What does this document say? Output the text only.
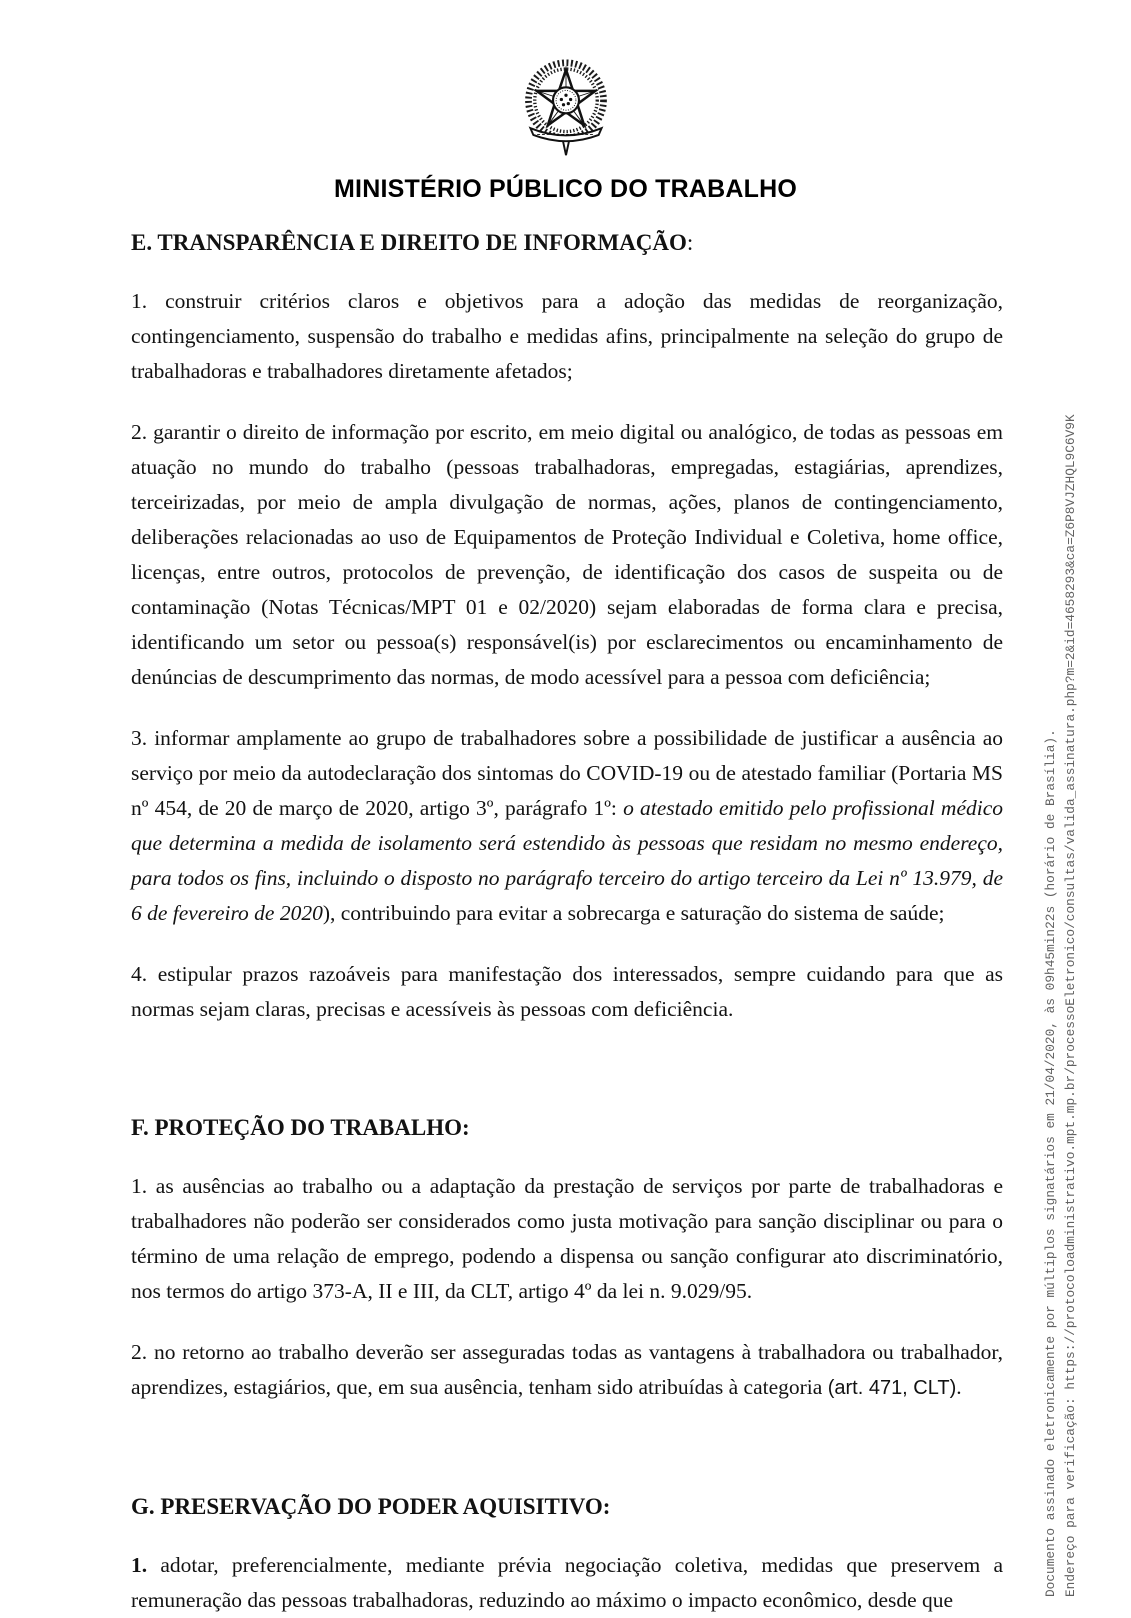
Documento assinado eletronicamente por múltiplos signatários em 21/04/2020, às 09h45min22s (horário de Brasília). Endereço para verificação: https://protocoloadministrativo.mpt.mp.br/processoEletronico/consultas/valida_assinatura.php?m=2&id=4658293&ca=Z6P8VJZHQL9C6V9K
MINISTÉRIO PÚBLICO DO TRABALHO
E. TRANSPARÊNCIA E DIREITO DE INFORMAÇÃO:

1. construir critérios claros e objetivos para a adoção das medidas de reorganização, contingenciamento, suspensão do trabalho e medidas afins, principalmente na seleção do grupo de trabalhadoras e trabalhadores diretamente afetados;

2. garantir o direito de informação por escrito, em meio digital ou analógico, de todas as pessoas em atuação no mundo do trabalho (pessoas trabalhadoras, empregadas, estagiárias, aprendizes, terceirizadas, por meio de ampla divulgação de normas, ações, planos de contingenciamento, deliberações relacionadas ao uso de Equipamentos de Proteção Individual e Coletiva, home office, licenças, entre outros, protocolos de prevenção, de identificação dos casos de suspeita ou de contaminação (Notas Técnicas/MPT 01 e 02/2020) sejam elaboradas de forma clara e precisa, identificando um setor ou pessoa(s) responsável(is) por esclarecimentos ou encaminhamento de denúncias de descumprimento das normas, de modo acessível para a pessoa com deficiência;

3. informar amplamente ao grupo de trabalhadores sobre a possibilidade de justificar a ausência ao serviço por meio da autodeclaração dos sintomas do COVID-19 ou de atestado familiar (Portaria MS nº 454, de 20 de março de 2020, artigo 3º, parágrafo 1º: o atestado emitido pelo profissional médico que determina a medida de isolamento será estendido às pessoas que residam no mesmo endereço, para todos os fins, incluindo o disposto no parágrafo terceiro do artigo terceiro da Lei nº 13.979, de 6 de fevereiro de 2020), contribuindo para evitar a sobrecarga e saturação do sistema de saúde;

4. estipular prazos razoáveis para manifestação dos interessados, sempre cuidando para que as normas sejam claras, precisas e acessíveis às pessoas com deficiência.

F. PROTEÇÃO DO TRABALHO:

1. as ausências ao trabalho ou a adaptação da prestação de serviços por parte de trabalhadoras e trabalhadores não poderão ser considerados como justa motivação para sanção disciplinar ou para o término de uma relação de emprego, podendo a dispensa ou sanção configurar ato discriminatório, nos termos do artigo 373-A, II e III, da CLT, artigo 4º da lei n. 9.029/95.

2. no retorno ao trabalho deverão ser asseguradas todas as vantagens à trabalhadora ou trabalhador, aprendizes, estagiários, que, em sua ausência, tenham sido atribuídas à categoria (art. 471, CLT).

G. PRESERVAÇÃO DO PODER AQUISITIVO:

1. adotar, preferencialmente, mediante prévia negociação coletiva, medidas que preservem a remuneração das pessoas trabalhadoras, reduzindo ao máximo o impacto econômico, desde que
